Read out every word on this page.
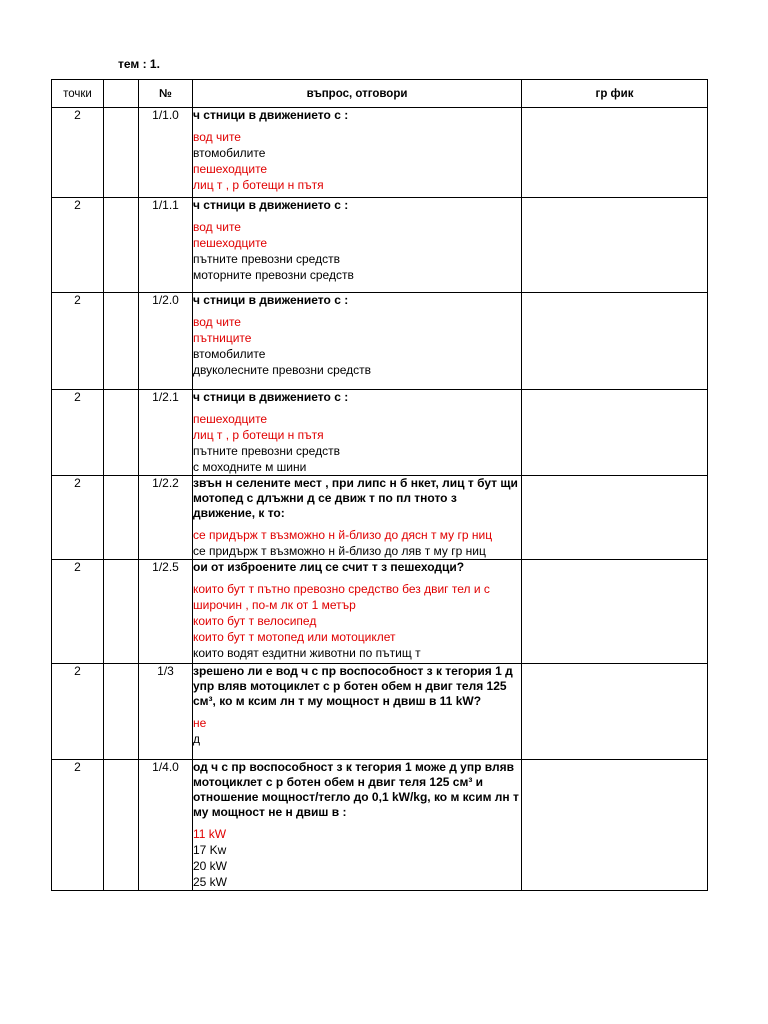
тем : 1.
точки		№	въпрос, отговори	гр фик
2		1/1.0	ч стници в движението с :
вод чите
втомобилите
пешеходците
лиц т , р ботещи н пътя	

2		1/1.1	ч стници в движението с :
вод чите
пешеходците
пътните превозни средств
моторните превозни средств	

2		1/2.0	ч стници в движението с :
вод чите
пътниците
втомобилите
двуколесните превозни средств	

2		1/2.1	ч стници в движението с :
пешеходците
лиц т , р ботещи н пътя
пътните превозни средств
с моходните м шини	

2		1/2.2	звън н селените мест , при липс н б нкет, лиц т бут щи мотопед с длъжни д се движ т по пл тното з движение, к то:
се придърж т възможно н й-близо до дясн т му гр ниц
се придърж т възможно н й-близо до ляв т му гр ниц	

2		1/2.5	ои от изброените лиц се счит т з пешеходци?
които бут т пътно превозно средство без двиг тел и с широчин , по-м лк от 1 метър
които бут т велосипед
които бут т мотопед или мотоциклет
които водят ездитни животни по пътищ т	

2		1/3	зрешено ли е вод ч с пр воспособност з к тегория 1 д упр вляв мотоциклет с р ботен обем н двиг теля 125 см³, ко м ксим лн т му мощност н двиш в 11 kW?
не
д	

2		1/4.0	од ч с пр воспособност з к тегория 1 може д упр вляв мотоциклет с р ботен обем н двиг теля 125 см³ и отношение мощност/тегло до 0,1 kW/kg, ко м ксим лн т му мощност не н двиш в :
11 kW
17 Kw
20 kW
25 kW	
